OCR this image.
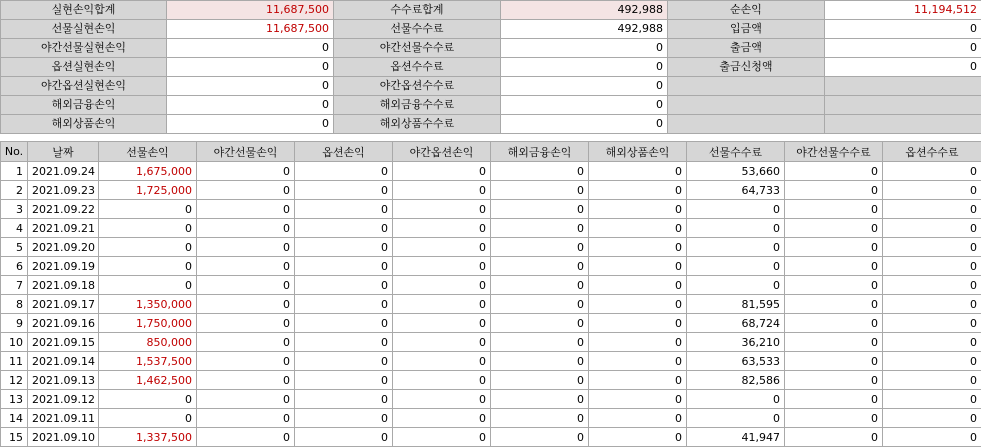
실현손익합계	11,687,500	수수료합계	492,988	순손익	11,194,512
선물실현손익	11,687,500	선물수수료	492,988	입금액	0
야간선물실현손익	0	야간선물수수료	0	출금액	0
옵션실현손익	0	옵션수수료	0	출금신청액	0
야간옵션실현손익	0	야간옵션수수료	0		
해외금융손익	0	해외금융수수료	0		
해외상품손익	0	해외상품수수료	0		
No.	날짜	선물손익	야간선물손익	옵션손익	야간옵션손익	해외금융손익	해외상품손익	선물수수료	야간선물수수료	옵션수수료
1	2021.09.24	1,675,000	0	0	0	0	0	53,660	0	0
2	2021.09.23	1,725,000	0	0	0	0	0	64,733	0	0
3	2021.09.22	0	0	0	0	0	0	0	0	0
4	2021.09.21	0	0	0	0	0	0	0	0	0
5	2021.09.20	0	0	0	0	0	0	0	0	0
6	2021.09.19	0	0	0	0	0	0	0	0	0
7	2021.09.18	0	0	0	0	0	0	0	0	0
8	2021.09.17	1,350,000	0	0	0	0	0	81,595	0	0
9	2021.09.16	1,750,000	0	0	0	0	0	68,724	0	0
10	2021.09.15	850,000	0	0	0	0	0	36,210	0	0
11	2021.09.14	1,537,500	0	0	0	0	0	63,533	0	0
12	2021.09.13	1,462,500	0	0	0	0	0	82,586	0	0
13	2021.09.12	0	0	0	0	0	0	0	0	0
14	2021.09.11	0	0	0	0	0	0	0	0	0
15	2021.09.10	1,337,500	0	0	0	0	0	41,947	0	0
